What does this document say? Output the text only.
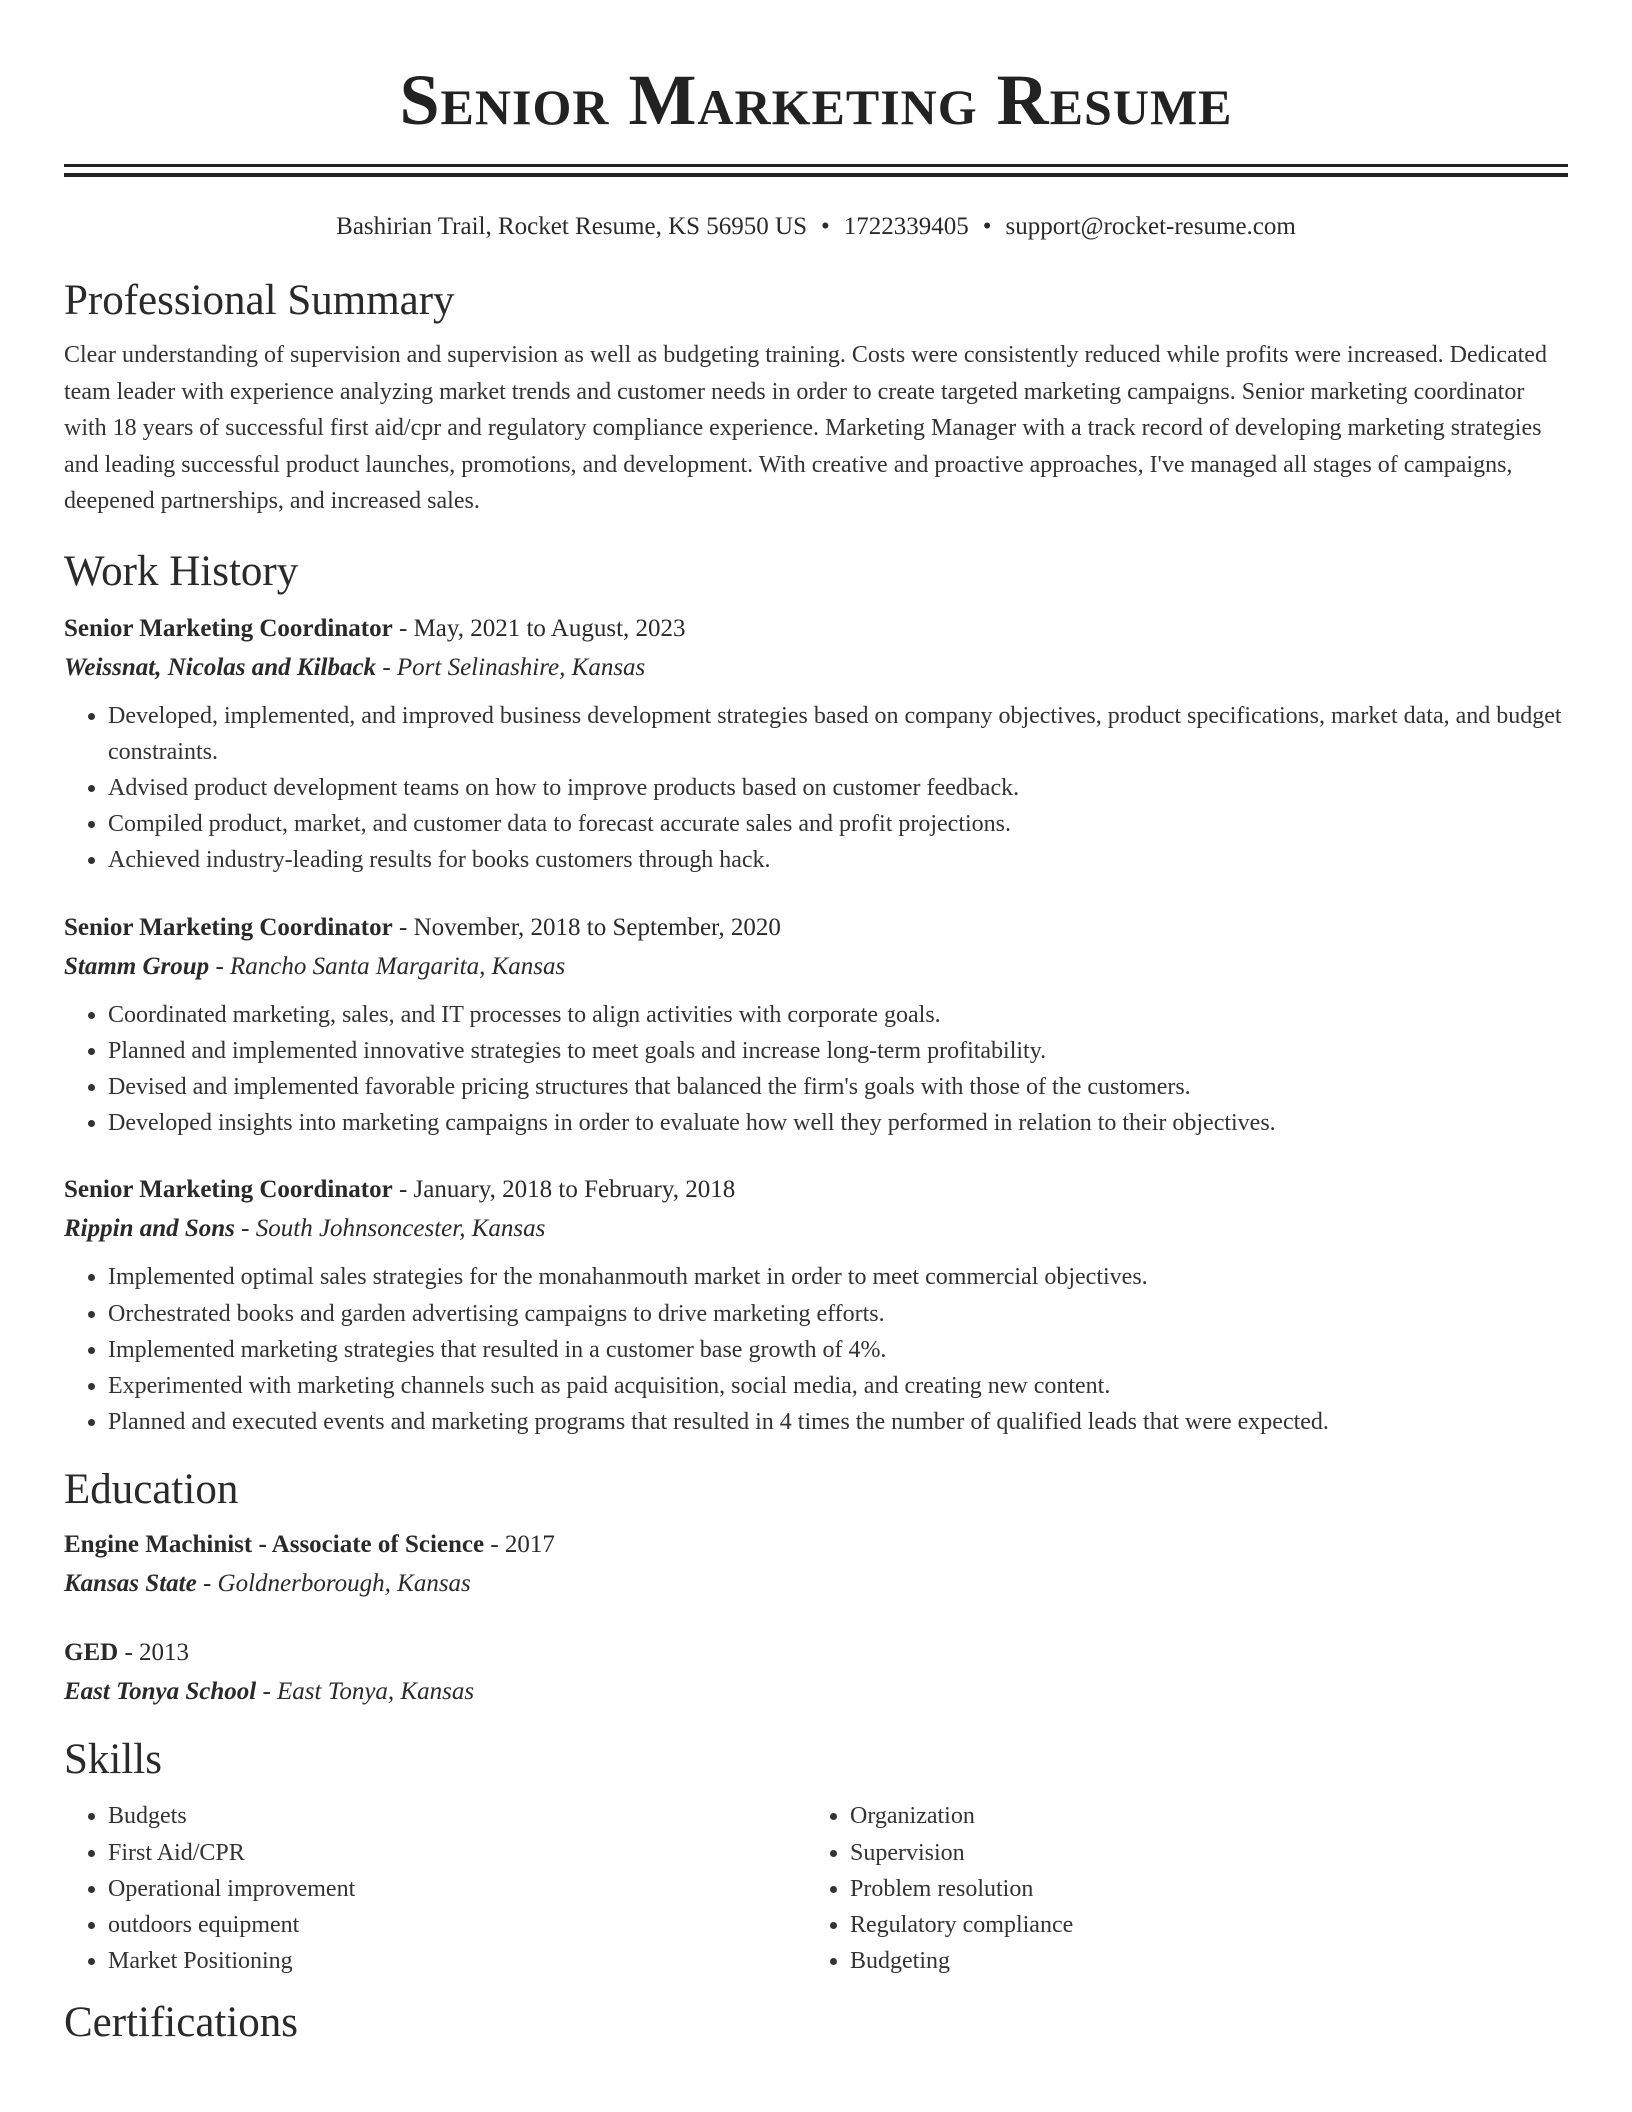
Senior Marketing Resume
Bashirian Trail, Rocket Resume, KS 56950 US • 1722339405 • support@rocket-resume.com
Professional Summary
Clear understanding of supervision and supervision as well as budgeting training. Costs were consistently reduced while profits were increased. Dedicated team leader with experience analyzing market trends and customer needs in order to create targeted marketing campaigns. Senior marketing coordinator with 18 years of successful first aid/cpr and regulatory compliance experience. Marketing Manager with a track record of developing marketing strategies and leading successful product launches, promotions, and development. With creative and proactive approaches, I've managed all stages of campaigns, deepened partnerships, and increased sales.
Work History
Senior Marketing Coordinator - May, 2021 to August, 2023
Weissnat, Nicolas and Kilback - Port Selinashire, Kansas
• Developed, implemented, and improved business development strategies based on company objectives, product specifications, market data, and budget constraints.
• Advised product development teams on how to improve products based on customer feedback.
• Compiled product, market, and customer data to forecast accurate sales and profit projections.
• Achieved industry-leading results for books customers through hack.
Senior Marketing Coordinator - November, 2018 to September, 2020
Stamm Group - Rancho Santa Margarita, Kansas
• Coordinated marketing, sales, and IT processes to align activities with corporate goals.
• Planned and implemented innovative strategies to meet goals and increase long-term profitability.
• Devised and implemented favorable pricing structures that balanced the firm's goals with those of the customers.
• Developed insights into marketing campaigns in order to evaluate how well they performed in relation to their objectives.
Senior Marketing Coordinator - January, 2018 to February, 2018
Rippin and Sons - South Johnsoncester, Kansas
• Implemented optimal sales strategies for the monahanmouth market in order to meet commercial objectives.
• Orchestrated books and garden advertising campaigns to drive marketing efforts.
• Implemented marketing strategies that resulted in a customer base growth of 4%.
• Experimented with marketing channels such as paid acquisition, social media, and creating new content.
• Planned and executed events and marketing programs that resulted in 4 times the number of qualified leads that were expected.
Education
Engine Machinist - Associate of Science - 2017
Kansas State - Goldnerborough, Kansas
GED - 2013
East Tonya School - East Tonya, Kansas
Skills
• Budgets
• First Aid/CPR
• Operational improvement
• outdoors equipment
• Market Positioning
• Organization
• Supervision
• Problem resolution
• Regulatory compliance
• Budgeting
Certifications
